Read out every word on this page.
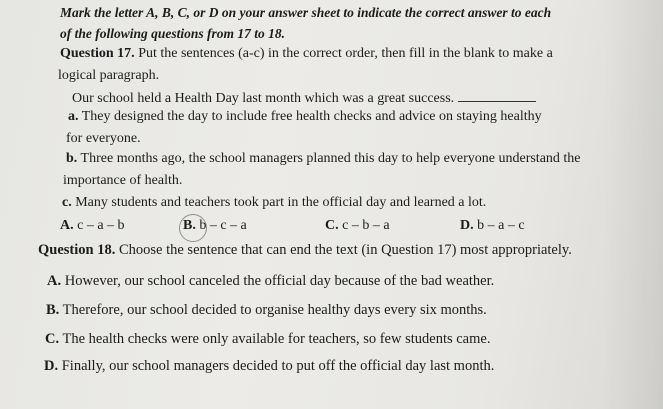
Mark the letter A, B, C, or D on your answer sheet to indicate the correct answer to each
of the following questions from 17 to 18.
Question 17. Put the sentences (a-c) in the correct order, then fill in the blank to make a
logical paragraph.
Our school held a Health Day last month which was a great success.
a. They designed the day to include free health checks and advice on staying healthy
for everyone.
b. Three months ago, the school managers planned this day to help everyone understand the
importance of health.
c. Many students and teachers took part in the official day and learned a lot.
A. c – a – b	B. b – c – a	C. c – b – a	D. b – a – c
Question 18. Choose the sentence that can end the text (in Question 17) most appropriately.
A. However, our school canceled the official day because of the bad weather.
B. Therefore, our school decided to organise healthy days every six months.
C. The health checks were only available for teachers, so few students came.
D. Finally, our school managers decided to put off the official day last month.
